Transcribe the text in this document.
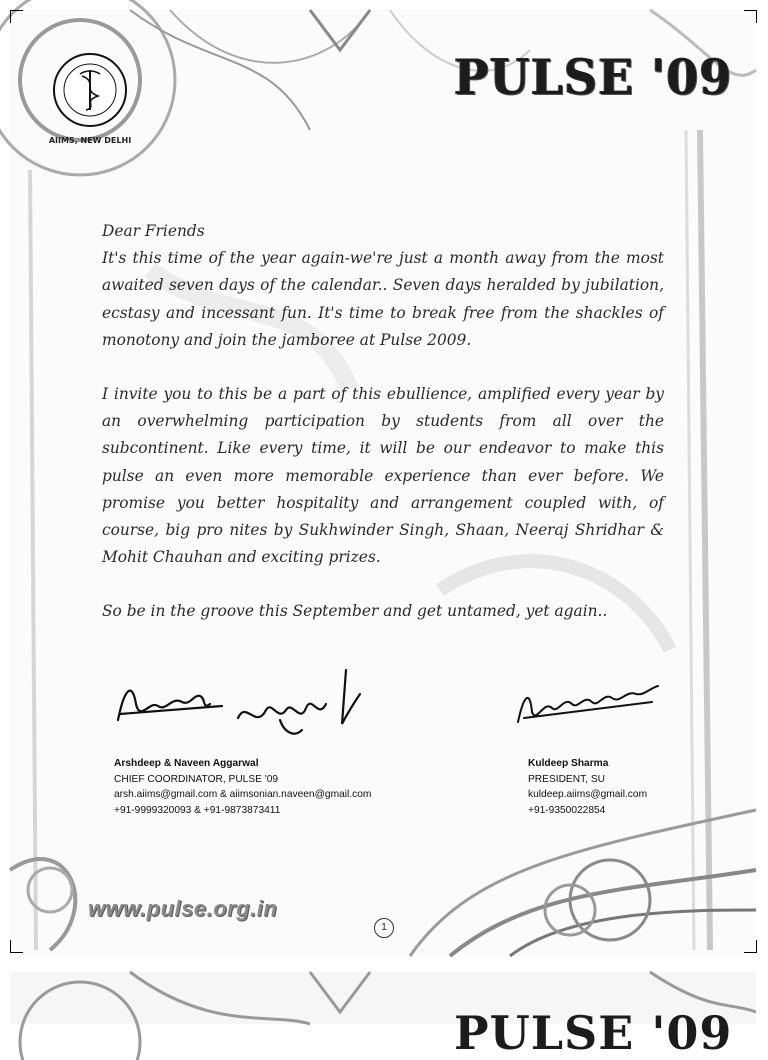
AIIMS, NEW DELHI
PULSE '09

Dear Friends

It's this time of the year again-we're just a month away from the most awaited seven days of the calendar.. Seven days heralded by jubilation, ecstasy and incessant fun. It's time to break free from the shackles of monotony and join the jamboree at Pulse 2009.

I invite you to this be a part of this ebullience, amplified every year by an overwhelming participation by students from all over the subcontinent. Like every time, it will be our endeavor to make this pulse an even more memorable experience than ever before. We promise you better hospitality and arrangement coupled with, of course, big pro nites by Sukhwinder Singh, Shaan, Neeraj Shridhar & Mohit Chauhan and exciting prizes.

So be in the groove this September and get untamed, yet again..

Arshdeep & Naveen Aggarwal
CHIEF COORDINATOR, PULSE '09
arsh.aiims@gmail.com & aiimsonian.naveen@gmail.com
+91-9999320093 & +91-9873873411
Kuldeep Sharma
PRESIDENT, SU
kuldeep.aiims@gmail.com
+91-9350022854
www.pulse.org.in
1
PULSE '09
